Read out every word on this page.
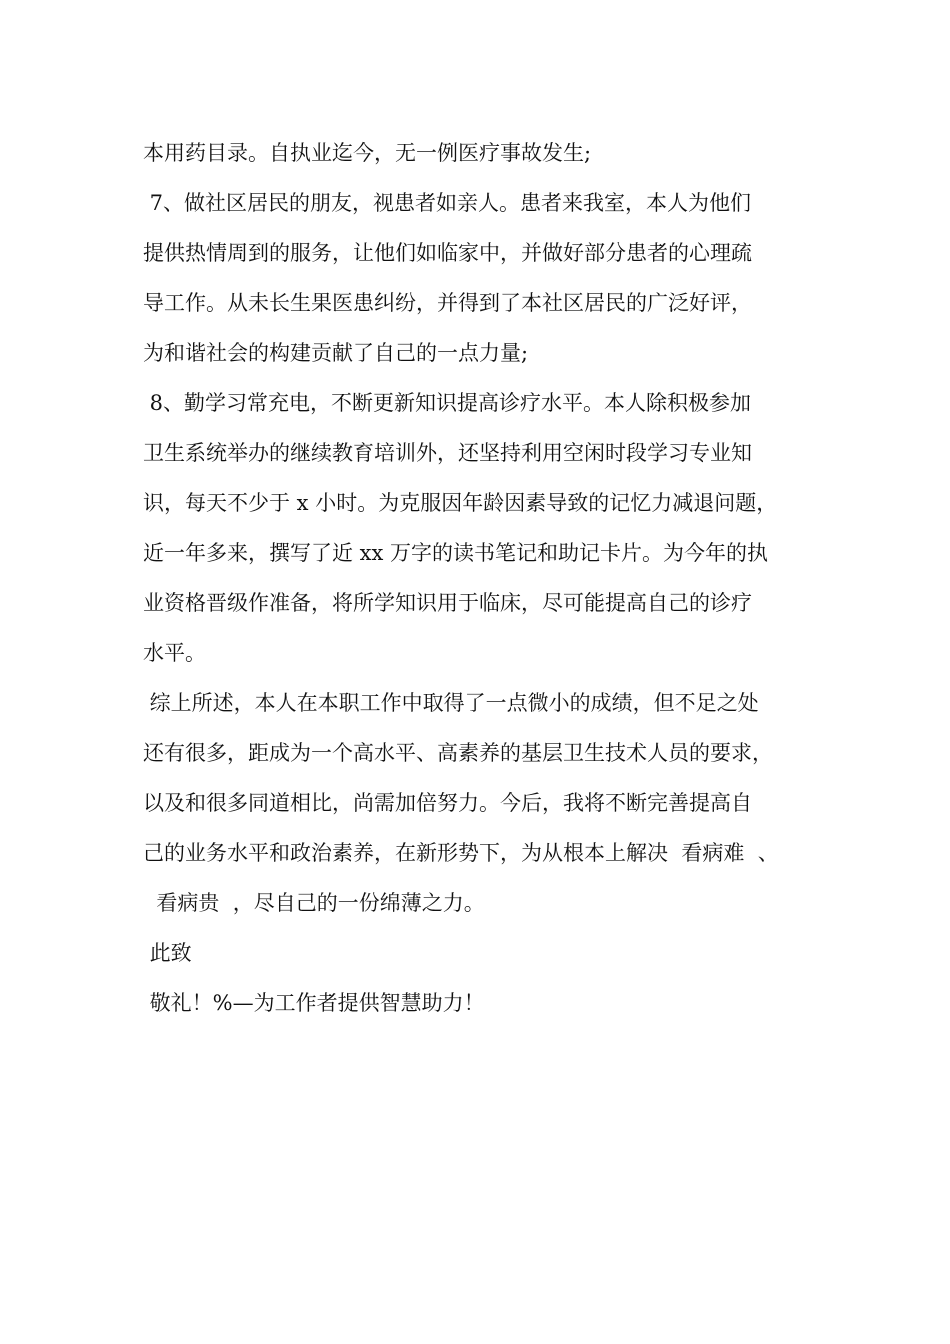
本用药目录。自执业迄今，无一例医疗事故发生;
7、做社区居民的朋友，视患者如亲人。患者来我室，本人为他们
提供热情周到的服务，让他们如临家中，并做好部分患者的心理疏
导工作。从未长生果医患纠纷，并得到了本社区居民的广泛好评，
为和谐社会的构建贡献了自己的一点力量;
8、勤学习常充电，不断更新知识提高诊疗水平。本人除积极参加
卫生系统举办的继续教育培训外，还坚持利用空闲时段学习专业知
识，每天不少于 x 小时。为克服因年龄因素导致的记忆力减退问题，
近一年多来，撰写了近 xx 万字的读书笔记和助记卡片。为今年的执
业资格晋级作准备，将所学知识用于临床，尽可能提高自己的诊疗
水平。
综上所述，本人在本职工作中取得了一点微小的成绩，但不足之处
还有很多，距成为一个高水平、高素养的基层卫生技术人员的要求，
以及和很多同道相比，尚需加倍努力。今后，我将不断完善提高自
己的业务水平和政治素养，在新形势下，为从根本上解决  看病难  、
看病贵  ，尽自己的一份绵薄之力。
此致
敬礼！%—为工作者提供智慧助力！
